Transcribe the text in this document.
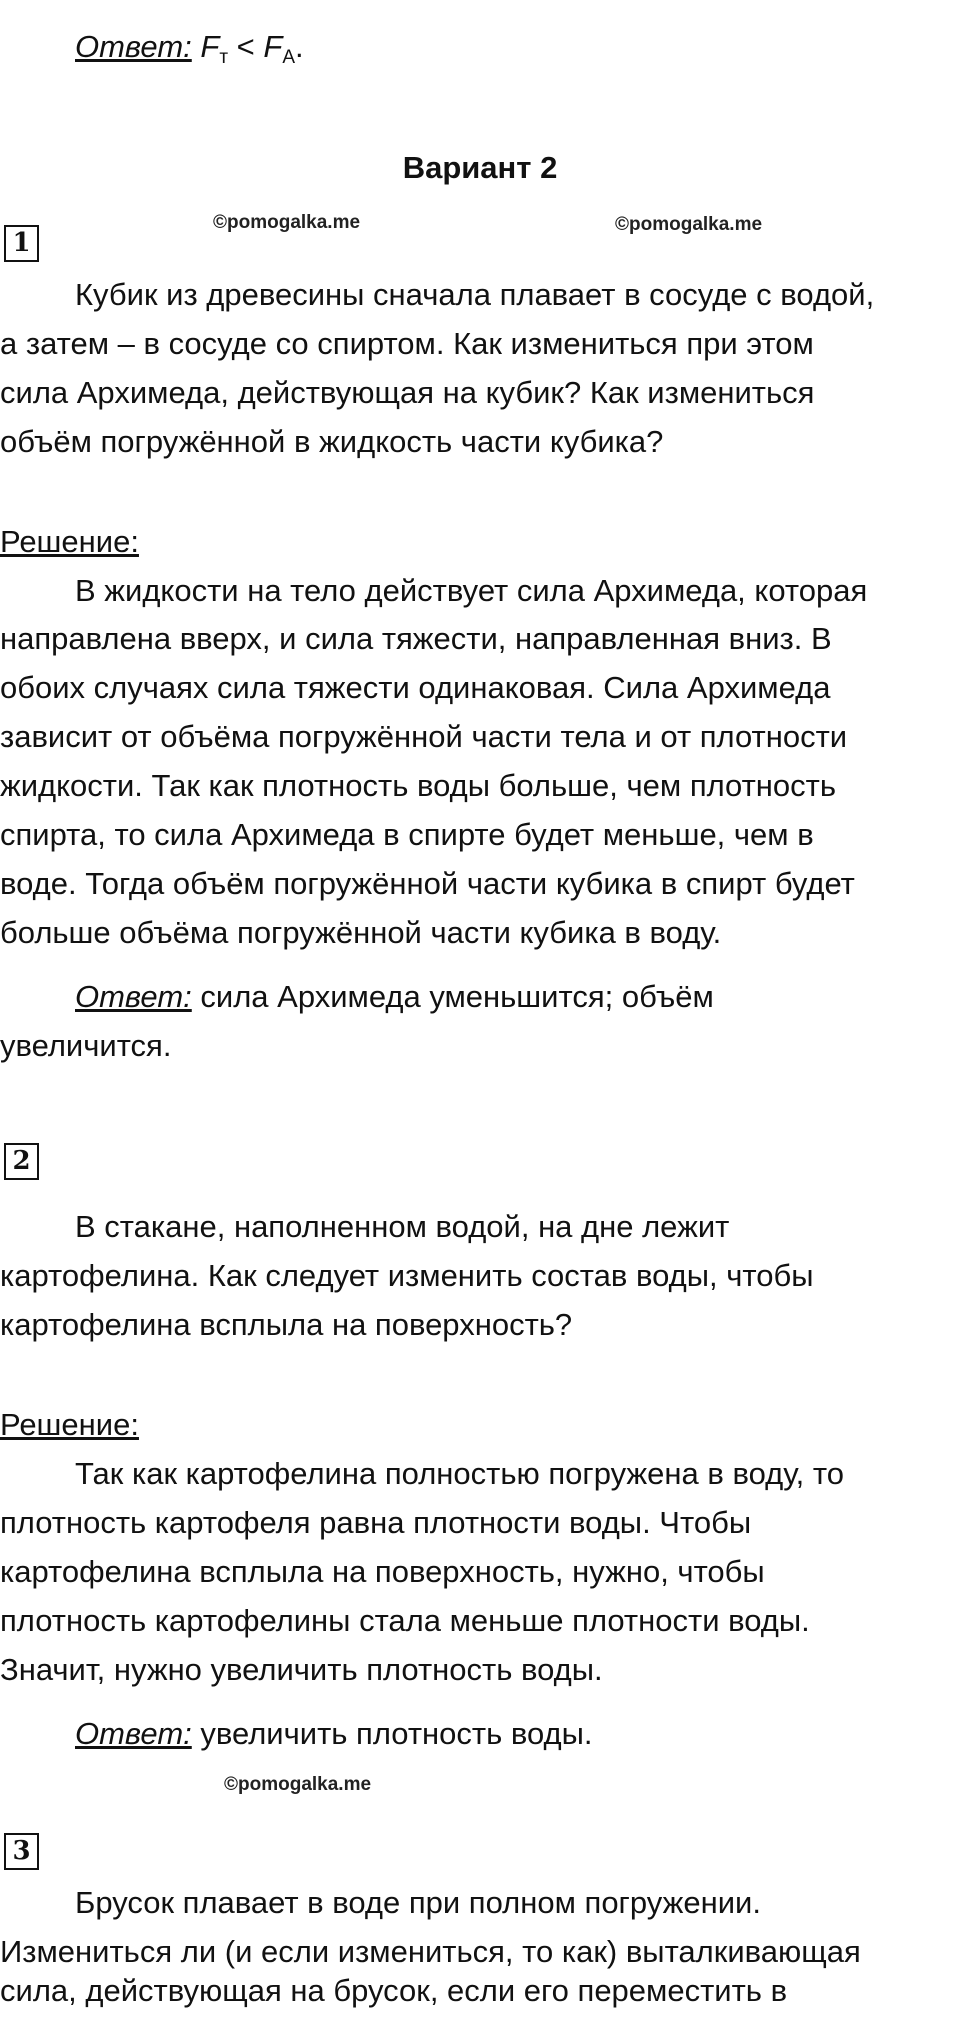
Ответ: $F_т < F_A$.
Вариант 2
©pomogalka.me	©pomogalka.me
©pomogalka.me
1
Кубик из древесины сначала плавает в сосуде с водой,
а затем – в сосуде со спиртом. Как измениться при этом
сила Архимеда, действующая на кубик? Как измениться
объём погружённой в жидкость части кубика?
Решение:
В жидкости на тело действует сила Архимеда, которая
направлена вверх, и сила тяжести, направленная вниз. В
обоих случаях сила тяжести одинаковая. Сила Архимеда
зависит от объёма погружённой части тела и от плотности
жидкости. Так как плотность воды больше, чем плотность
спирта, то сила Архимеда в спирте будет меньше, чем в
воде. Тогда объём погружённой части кубика в спирт будет
больше объёма погружённой части кубика в воду.
Ответ: сила Архимеда уменьшится; объём
увеличится.
2
В стакане, наполненном водой, на дне лежит
картофелина. Как следует изменить состав воды, чтобы
картофелина всплыла на поверхность?
Решение:
Так как картофелина полностью погружена в воду, то
плотность картофеля равна плотности воды. Чтобы
картофелина всплыла на поверхность, нужно, чтобы
плотность картофелины стала меньше плотности воды.
Значит, нужно увеличить плотность воды.
Ответ: увеличить плотность воды.
3
Брусок плавает в воде при полном погружении.
Измениться ли (и если измениться, то как) выталкивающая
сила, действующая на брусок, если его переместить в
